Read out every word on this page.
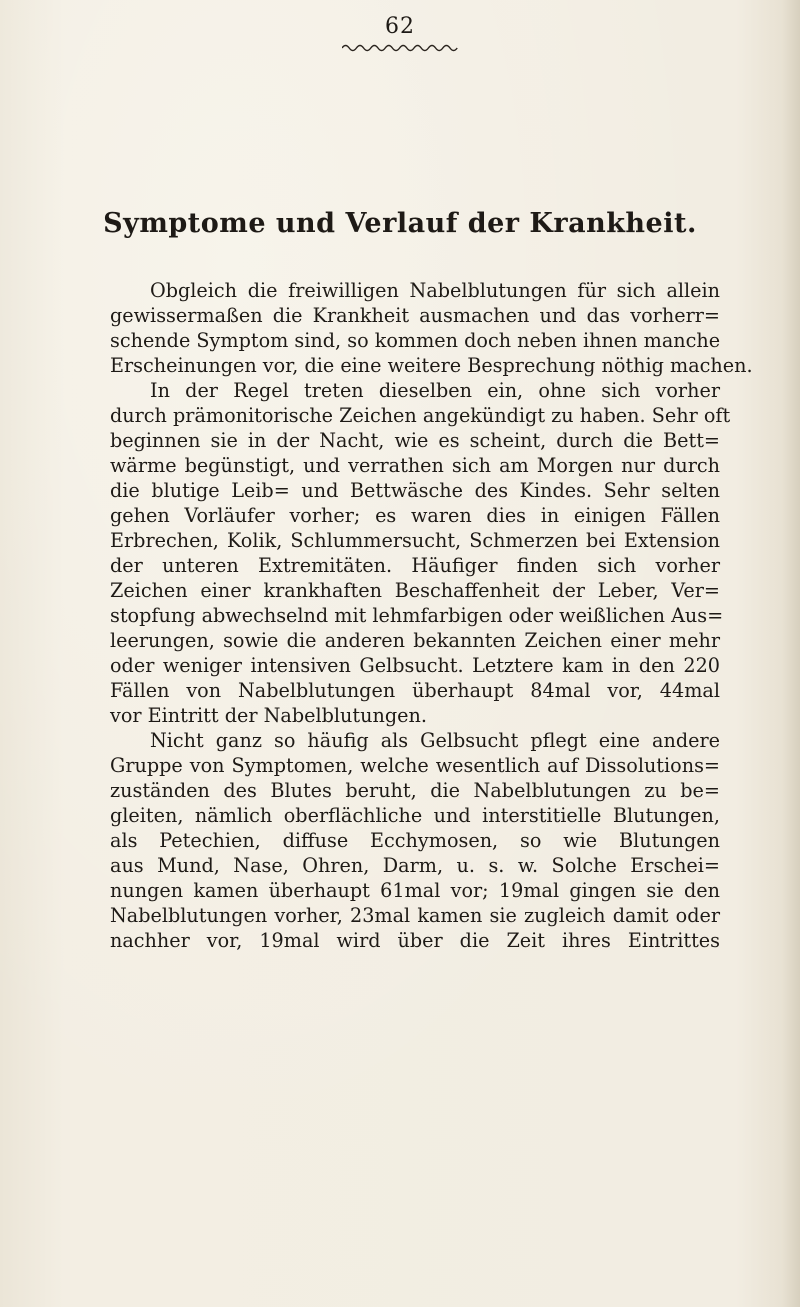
62
Symptome und Verlauf der Krankheit.
Obgleich die freiwilligen Nabelblutungen für sich allein
gewissermaßen die Krankheit ausmachen und das vorherr=
schende Symptom sind, so kommen doch neben ihnen manche
Erscheinungen vor, die eine weitere Besprechung nöthig machen.
In der Regel treten dieselben ein, ohne sich vorher
durch prämonitorische Zeichen angekündigt zu haben. Sehr oft
beginnen sie in der Nacht, wie es scheint, durch die Bett=
wärme begünstigt, und verrathen sich am Morgen nur durch
die blutige Leib= und Bettwäsche des Kindes. Sehr selten
gehen Vorläufer vorher; es waren dies in einigen Fällen
Erbrechen, Kolik, Schlummersucht, Schmerzen bei Extension
der unteren Extremitäten. Häufiger finden sich vorher
Zeichen einer krankhaften Beschaffenheit der Leber, Ver=
stopfung abwechselnd mit lehmfarbigen oder weißlichen Aus=
leerungen, sowie die anderen bekannten Zeichen einer mehr
oder weniger intensiven Gelbsucht. Letztere kam in den 220
Fällen von Nabelblutungen überhaupt 84mal vor, 44mal
vor Eintritt der Nabelblutungen.
Nicht ganz so häufig als Gelbsucht pflegt eine andere
Gruppe von Symptomen, welche wesentlich auf Dissolutions=
zuständen des Blutes beruht, die Nabelblutungen zu be=
gleiten, nämlich oberflächliche und interstitielle Blutungen,
als Petechien, diffuse Ecchymosen, so wie Blutungen
aus Mund, Nase, Ohren, Darm, u. s. w. Solche Erschei=
nungen kamen überhaupt 61mal vor; 19mal gingen sie den
Nabelblutungen vorher, 23mal kamen sie zugleich damit oder
nachher vor, 19mal wird über die Zeit ihres Eintrittes
